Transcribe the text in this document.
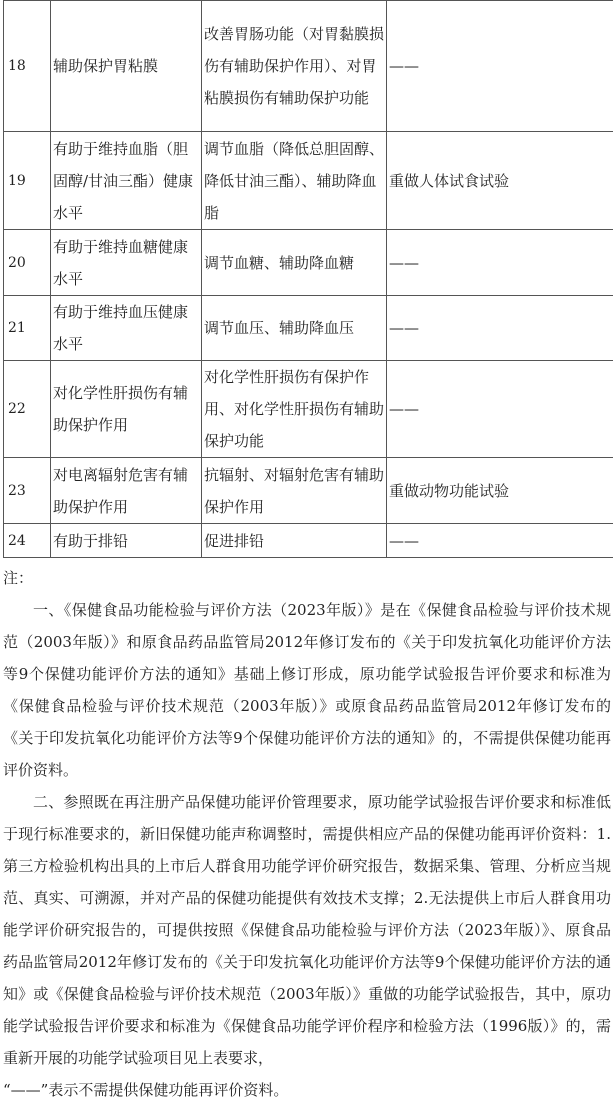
18	辅助保护胃粘膜	改善胃肠功能（对胃黏膜损伤有辅助保护作用）、对胃粘膜损伤有辅助保护功能	——
19	有助于维持血脂（胆固醇/甘油三酯）健康水平	调节血脂（降低总胆固醇、降低甘油三酯）、辅助降血脂	重做人体试食试验
20	有助于维持血糖健康水平	调节血糖、辅助降血糖	——
21	有助于维持血压健康水平	调节血压、辅助降血压	——
22	对化学性肝损伤有辅助保护作用	对化学性肝损伤有保护作用、对化学性肝损伤有辅助保护功能	——
23	对电离辐射危害有辅助保护作用	抗辐射、对辐射危害有辅助保护作用	重做动物功能试验
24	有助于排铅	促进排铅	——

注：

一、《保健食品功能检验与评价方法（2023年版）》是在《保健食品检验与评价技术规范（2003年版）》和原食品药品监管局2012年修订发布的《关于印发抗氧化功能评价方法等9个保健功能评价方法的通知》基础上修订形成，原功能学试验报告评价要求和标准为《保健食品检验与评价技术规范（2003年版）》或原食品药品监管局2012年修订发布的《关于印发抗氧化功能评价方法等9个保健功能评价方法的通知》的，不需提供保健功能再评价资料。

二、参照既在再注册产品保健功能评价管理要求，原功能学试验报告评价要求和标准低于现行标准要求的，新旧保健功能声称调整时，需提供相应产品的保健功能再评价资料：1. 第三方检验机构出具的上市后人群食用功能学评价研究报告，数据采集、管理、分析应当规范、真实、可溯源，并对产品的保健功能提供有效技术支撑；2.无法提供上市后人群食用功能学评价研究报告的，可提供按照《保健食品功能检验与评价方法（2023年版）》、原食品药品监管局2012年修订发布的《关于印发抗氧化功能评价方法等9个保健功能评价方法的通知》或《保健食品检验与评价技术规范（2003年版）》重做的功能学试验报告，其中，原功能学试验报告评价要求和标准为《保健食品功能学评价程序和检验方法（1996版）》的，需重新开展的功能学试验项目见上表要求，

“——”表示不需提供保健功能再评价资料。
